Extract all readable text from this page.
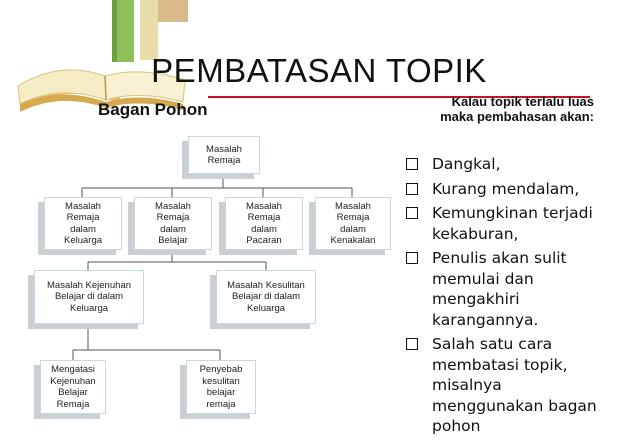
PEMBATASAN TOPIK
Bagan Pohon	Kalau topik terlalu luas
maka pembahasan akan:
Dangkal,
Kurang mendalam,
Kemungkinan terjadi kekaburan,
Penulis akan sulit memulai dan mengakhiri karangannya.
Salah satu cara membatasi topik, misalnya menggunakan bagan pohon
Masalah Remaja
Masalah Remaja dalam Keluarga
Masalah Remaja dalam Belajar
Masalah Remaja dalam Pacaran
Masalah Remaja dalam Kenakalan
Masalah Kejenuhan Belajar di dalam Keluarga
Masalah Kesulitan Belajar di dalam Keluarga
Mengatasi Kejenuhan Belajar Remaja
Penyebab kesulitan belajar remaja
